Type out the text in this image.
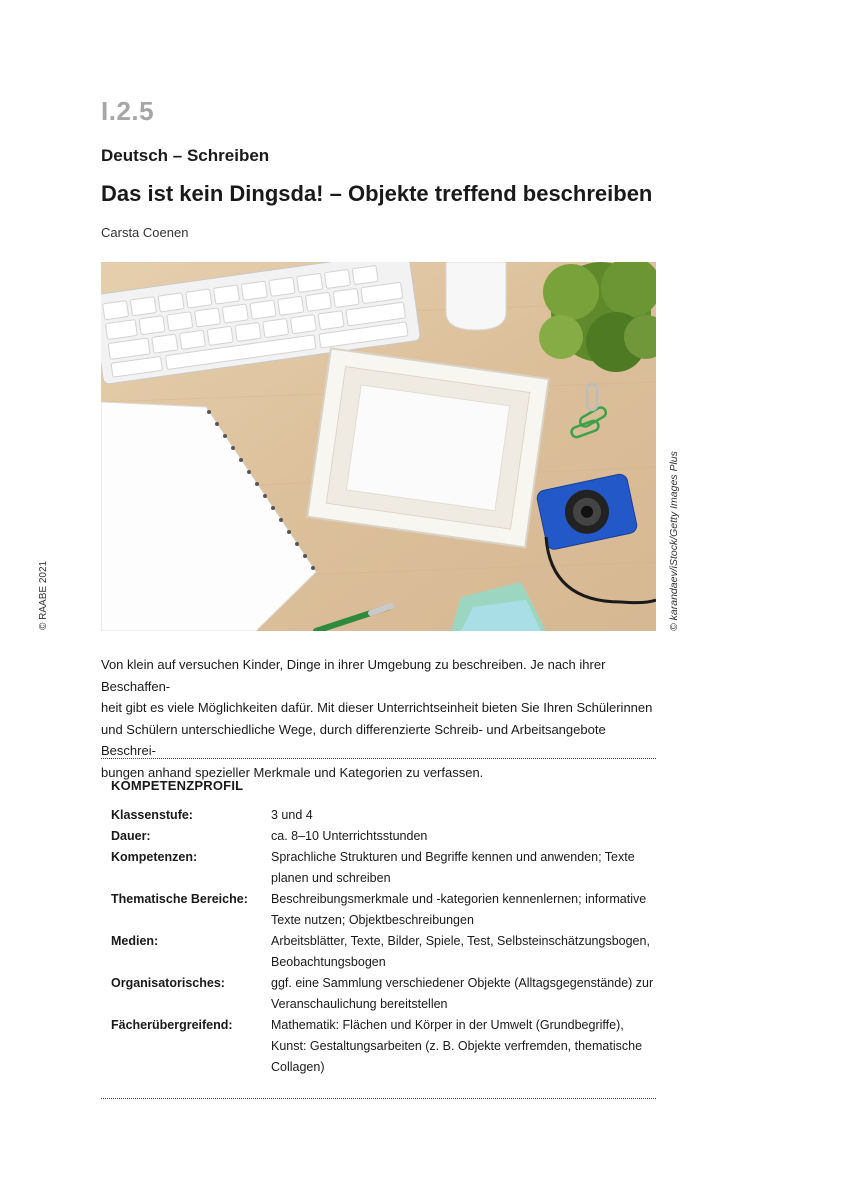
I.2.5
Deutsch – Schreiben
Das ist kein Dingsda! – Objekte treffend beschreiben
Carsta Coenen
© karandaev/iStock/Getty Images Plus
© RAABE 2021

Von klein auf versuchen Kinder, Dinge in ihrer Umgebung zu beschreiben. Je nach ihrer Beschaffen-

heit gibt es viele Möglichkeiten dafür. Mit dieser Unterrichtseinheit bieten Sie Ihren Schülerinnen

und Schülern unterschiedliche Wege, durch differenzierte Schreib- und Arbeitsangebote Beschrei-

bungen anhand spezieller Merkmale und Kategorien zu verfassen.

KOMPETENZPROFIL
Klassenstufe:	3 und 4
Dauer:	ca. 8–10 Unterrichtsstunden
Kompetenzen:	Sprachliche Strukturen und Begriffe kennen und anwenden; Texte planen und schreiben
Thematische Bereiche:	Beschreibungsmerkmale und -kategorien kennenlernen; informative Texte nutzen; Objektbeschreibungen
Medien:	Arbeitsblätter, Texte, Bilder, Spiele, Test, Selbsteinschätzungsbogen, Beobachtungsbogen
Organisatorisches:	ggf. eine Sammlung verschiedener Objekte (Alltagsgegenstände) zur Veranschaulichung bereitstellen
Fächerübergreifend:	Mathematik: Flächen und Körper in der Umwelt (Grundbegriffe), Kunst: Gestaltungsarbeiten (z. B. Objekte verfremden, thematische Collagen)
